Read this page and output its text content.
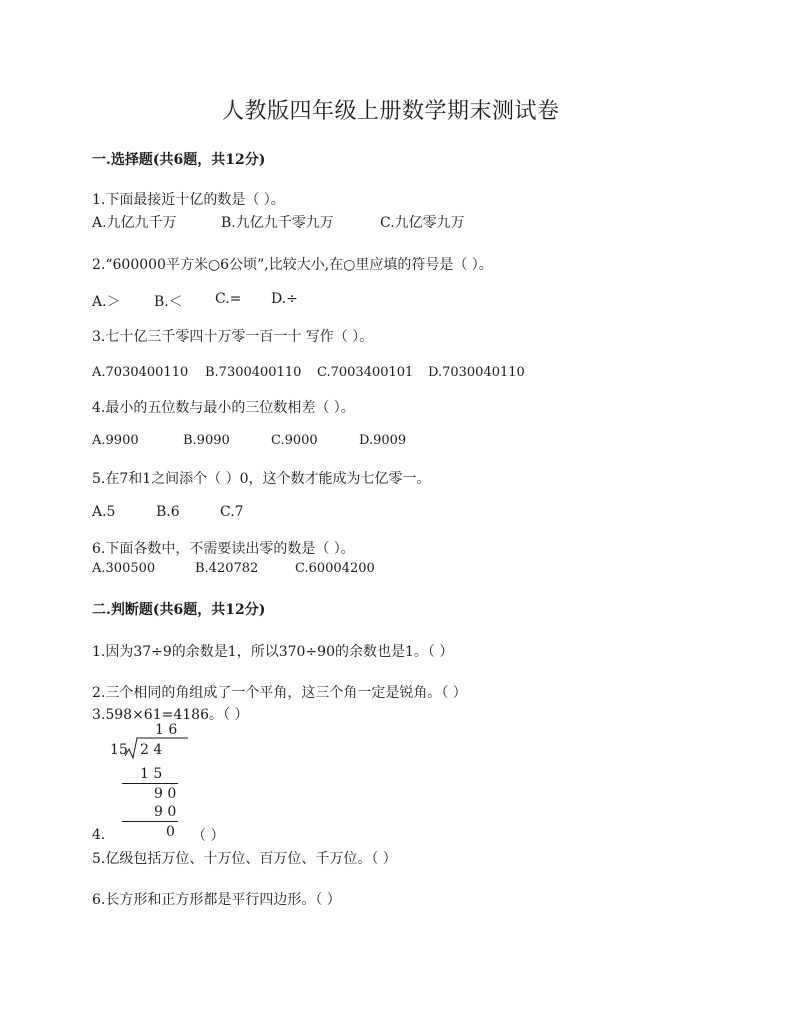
人教版四年级上册数学期末测试卷
一.选择题(共6题，共12分)
1.下面最接近十亿的数是（ ）。
A.九亿九千万	B.九亿九千零九万	C.九亿零九万
2.“600000平方米○6公顷”,比较大小,在○里应填的符号是（ ）。
A.＞ B.＜ C.= D.÷
3.七十亿三千零四十万零一百一十 写作（ ）。
A.7030400110 B.7300400110 C.7003400101 D.7030040110
4.最小的五位数与最小的三位数相差（ ）。
A.9900	B.9090	C.9000	D.9009
5.在7和1之间添个（ ）0，这个数才能成为七亿零一。
A.5	B.6	C.7
6.下面各数中，不需要读出零的数是（ ）。
A.300500	B.420782	C.60004200
二.判断题(共6题，共12分)
1.因为37÷9的余数是1，所以370÷90的余数也是1。（ ）
2.三个相同的角组成了一个平角，这三个角一定是锐角。（ ）
3.598×61=4186。（ ）
1 6
15 2 4
1 5
9 0
9 0
0
4.	（ ）
5.亿级包括万位、十万位、百万位、千万位。（ ）
6.长方形和正方形都是平行四边形。（ ）
